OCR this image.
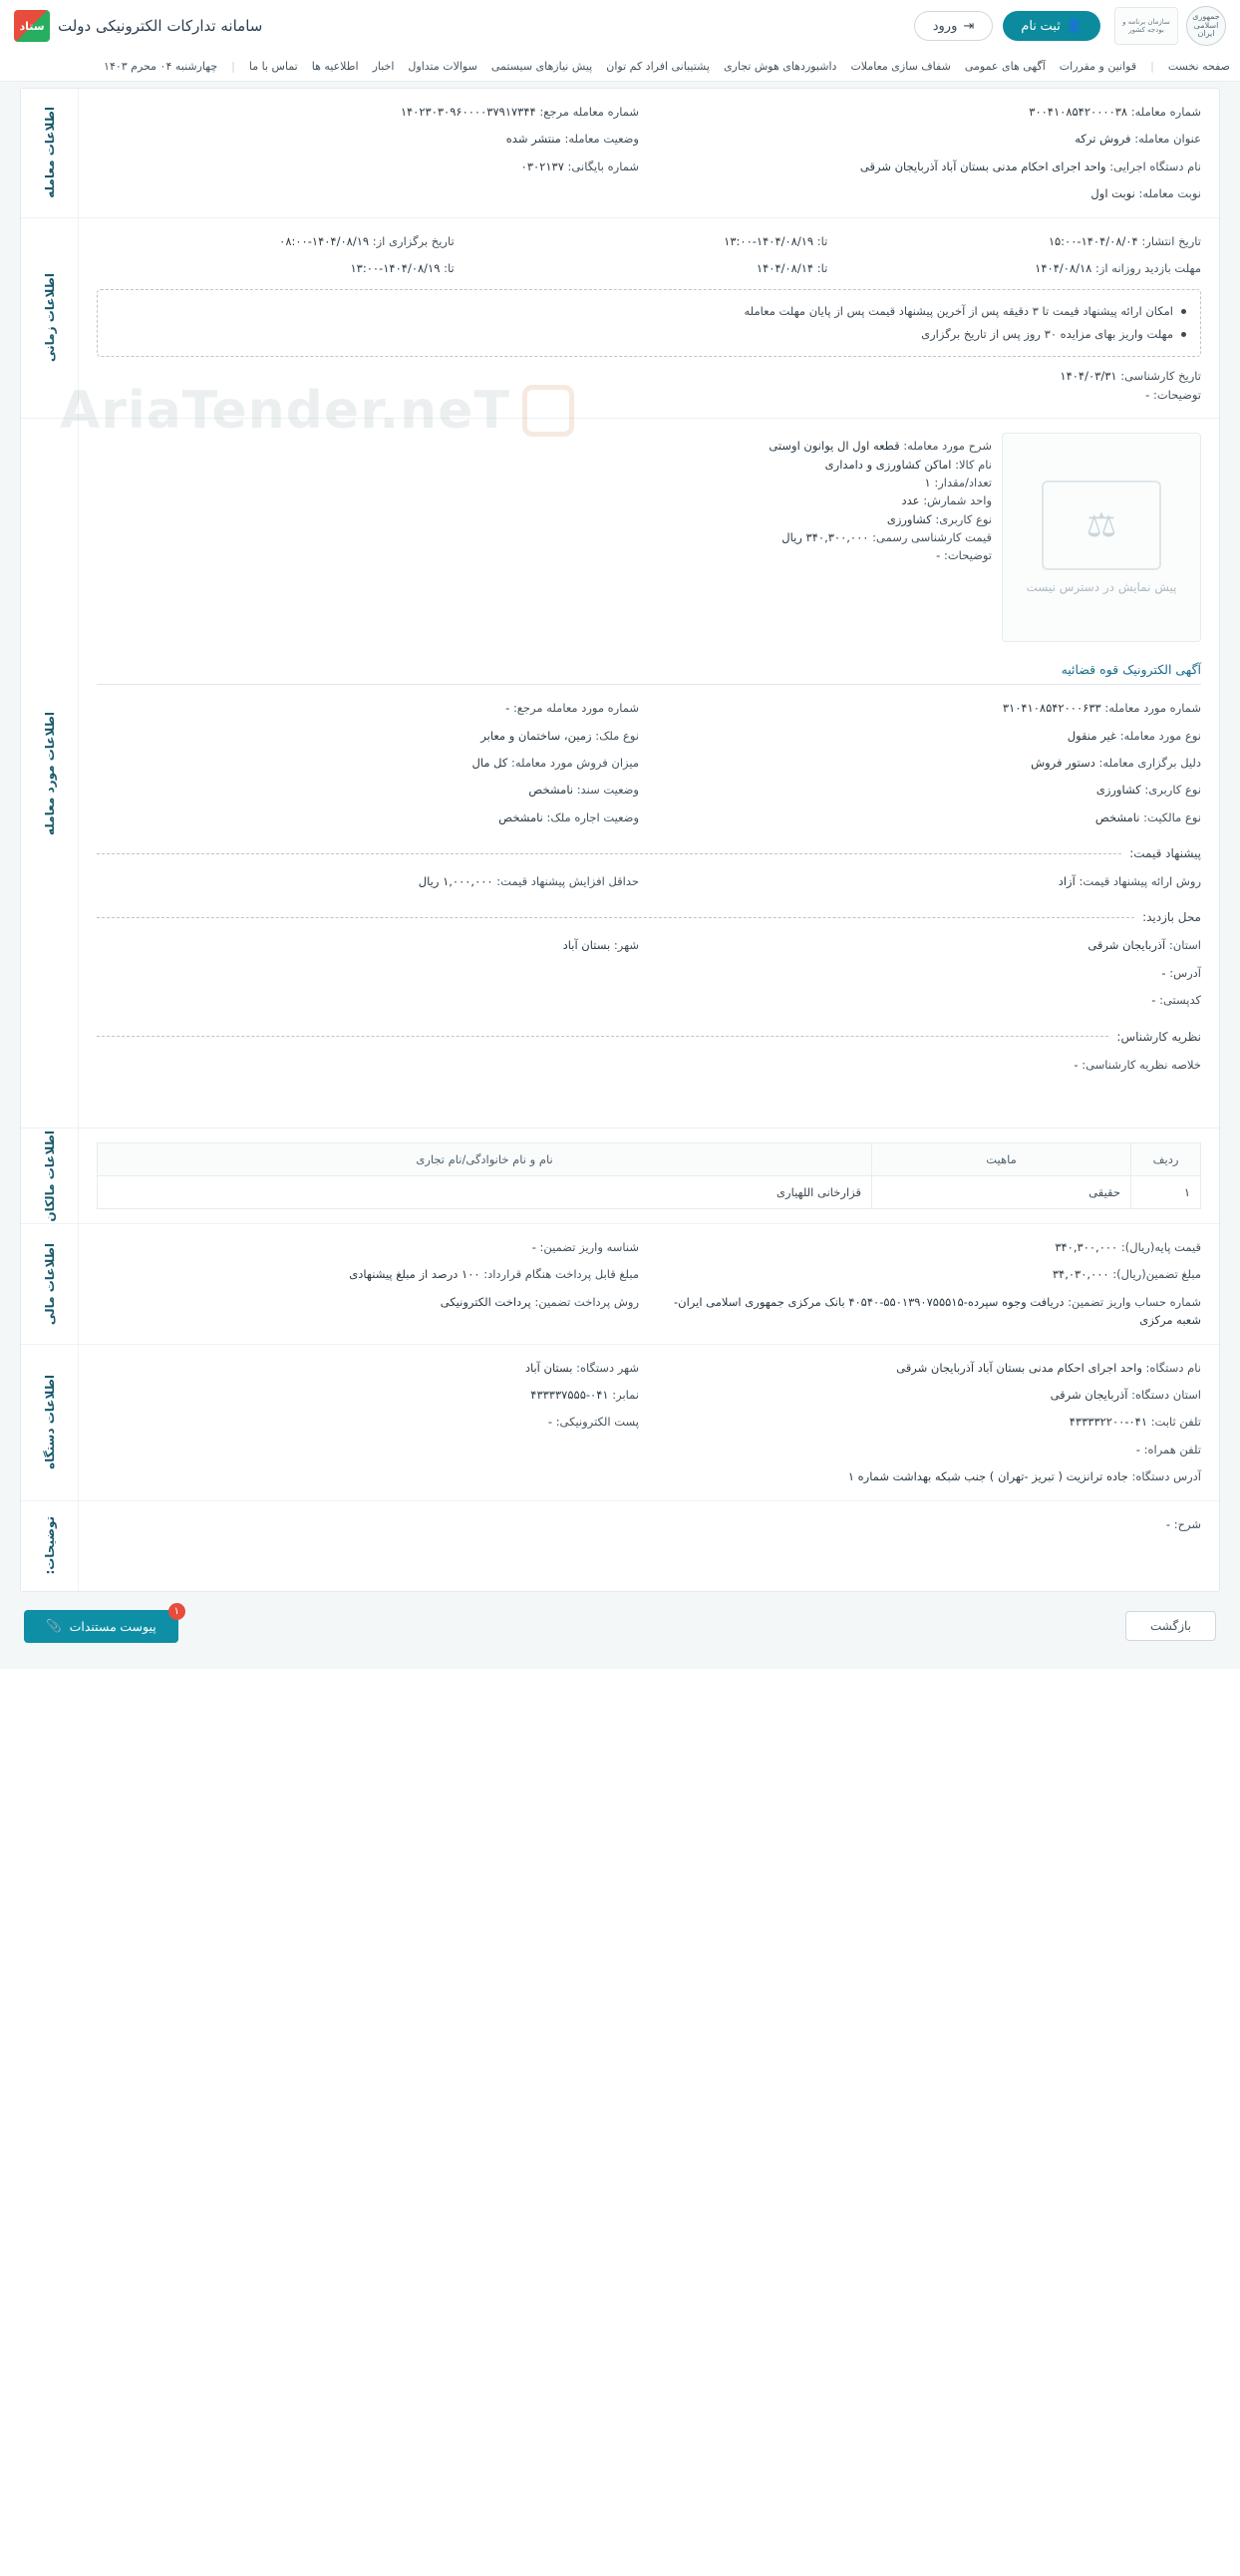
جمهوری اسلامی ایران
سازمان برنامه و بودجه کشور
👤
ثبت نام
⇥
ورود
سامانه تدارکات الکترونیکی دولت
ستاد
صفحه نخست
|
قوانین و مقررات
آگهی های عمومی
شفاف سازی معاملات
داشبوردهای هوش تجاری
پشتیبانی افراد کم توان
پیش نیازهای سیستمی
سوالات متداول
اخبار
اطلاعیه ها
تماس با ما
|
چهارشنبه ۰۴ محرم ۱۴۰۳
اطلاعات معامله	شماره معامله: ۳۰۰۴۱۰۸۵۴۲۰۰۰۰۳۸
شماره معامله مرجع: ۱۴۰۲۳۰۳۰۹۶۰۰۰۰۳۷۹۱۷۳۴۴
عنوان معامله: فروش ترکه
وضعیت معامله: منتشر شده
نام دستگاه اجرایی: واحد اجرای احکام مدنی بستان آباد آذربایجان شرقی
شماره بایگانی: ۰۳۰۲۱۳۷
نوبت معامله: نوبت اول
اطلاعات زمانی
تاریخ انتشار: ۱۴۰۴/۰۸/۰۴-۱۵:۰۰
تا: ۱۴۰۴/۰۸/۱۹-۱۳:۰۰
تاریخ برگزاری از: ۱۴۰۴/۰۸/۱۹-۰۸:۰۰
مهلت بازدید روزانه از: ۱۴۰۴/۰۸/۱۸
تا: ۱۴۰۴/۰۸/۱۴
تا: ۱۴۰۴/۰۸/۱۹-۱۳:۰۰
امکان ارائه پیشنهاد قیمت تا ۳ دقیقه پس از آخرین پیشنهاد قیمت پس از پایان مهلت معامله
مهلت واریز بهای مزایده ۳۰ روز پس از تاریخ برگزاری
تاریخ کارشناسی: ۱۴۰۴/۰۳/۳۱
توضیحات: -
اطلاعات مورد معامله
⚖
پیش نمایش در دسترس نیست
شرح مورد معامله: قطعه اول ال یوانون اوستی
نام کالا: اماکن کشاورزی و دامداری
تعداد/مقدار: ۱
واحد شمارش: عدد
نوع کاربری: کشاورزی
قیمت کارشناسی رسمی: ۳۴۰,۳۰۰,۰۰۰ ریال
توضیحات: -
آگهی الکترونیک قوه قضائیه
شماره مورد معامله: ۳۱۰۴۱۰۸۵۴۲۰۰۰۶۳۳
شماره مورد معامله مرجع: -
نوع مورد معامله: غیر منقول
نوع ملک: زمین، ساختمان و معابر
دلیل برگزاری معامله: دستور فروش
میزان فروش مورد معامله: کل مال
نوع کاربری: کشاورزی
وضعیت سند: نامشخص
نوع مالکیت: نامشخص
وضعیت اجاره ملک: نامشخص
پیشنهاد قیمت:
روش ارائه پیشنهاد قیمت: آزاد
حداقل افزایش پیشنهاد قیمت: ۱,۰۰۰,۰۰۰ ریال
محل بازدید:
استان: آذربایجان شرقی
شهر: بستان آباد
آدرس: -
کدپستی: -
نظریه کارشناس:
خلاصه نظریه کارشناسی: -
اطلاعات مالکان	ردیف	ماهیت	نام و نام خانوادگی/نام تجاری
۱	حقیقی	قزارخانی اللهیاری
اطلاعات مالی	قیمت پایه(ریال): ۳۴۰,۳۰۰,۰۰۰
شناسه واریز تضمین: -
مبلغ تضمین(ریال): ۳۴,۰۳۰,۰۰۰
مبلغ قابل پرداخت هنگام قرارداد: ۱۰۰ درصد از مبلغ پیشنهادی
شماره حساب واریز تضمین: دریافت وجوه سپرده-۵۵۰۱۳۹۰۷۵۵۵۱۵-۴۰۵۴۰ بانک مرکزی جمهوری اسلامی ایران- شعبه مرکزی
روش پرداخت تضمین: پرداخت الکترونیکی
اطلاعات دستگاه
نام دستگاه: واحد اجرای احکام مدنی بستان آباد آذربایجان شرقی
شهر دستگاه: بستان آباد
استان دستگاه: آذربایجان شرقی
نمابر: ۰۴۱-۴۳۳۳۳۷۵۵۵
تلفن ثابت: ۰۴۱-۴۳۳۳۳۲۲۰۰
پست الکترونیکی: -
تلفن همراه: -
آدرس دستگاه: جاده ترانزیت ( تبریز -تهران ) جنب شبکه بهداشت شماره ۱
توضیحات:	شرح: -
بازگشت
۱
پیوست مستندات
📎
